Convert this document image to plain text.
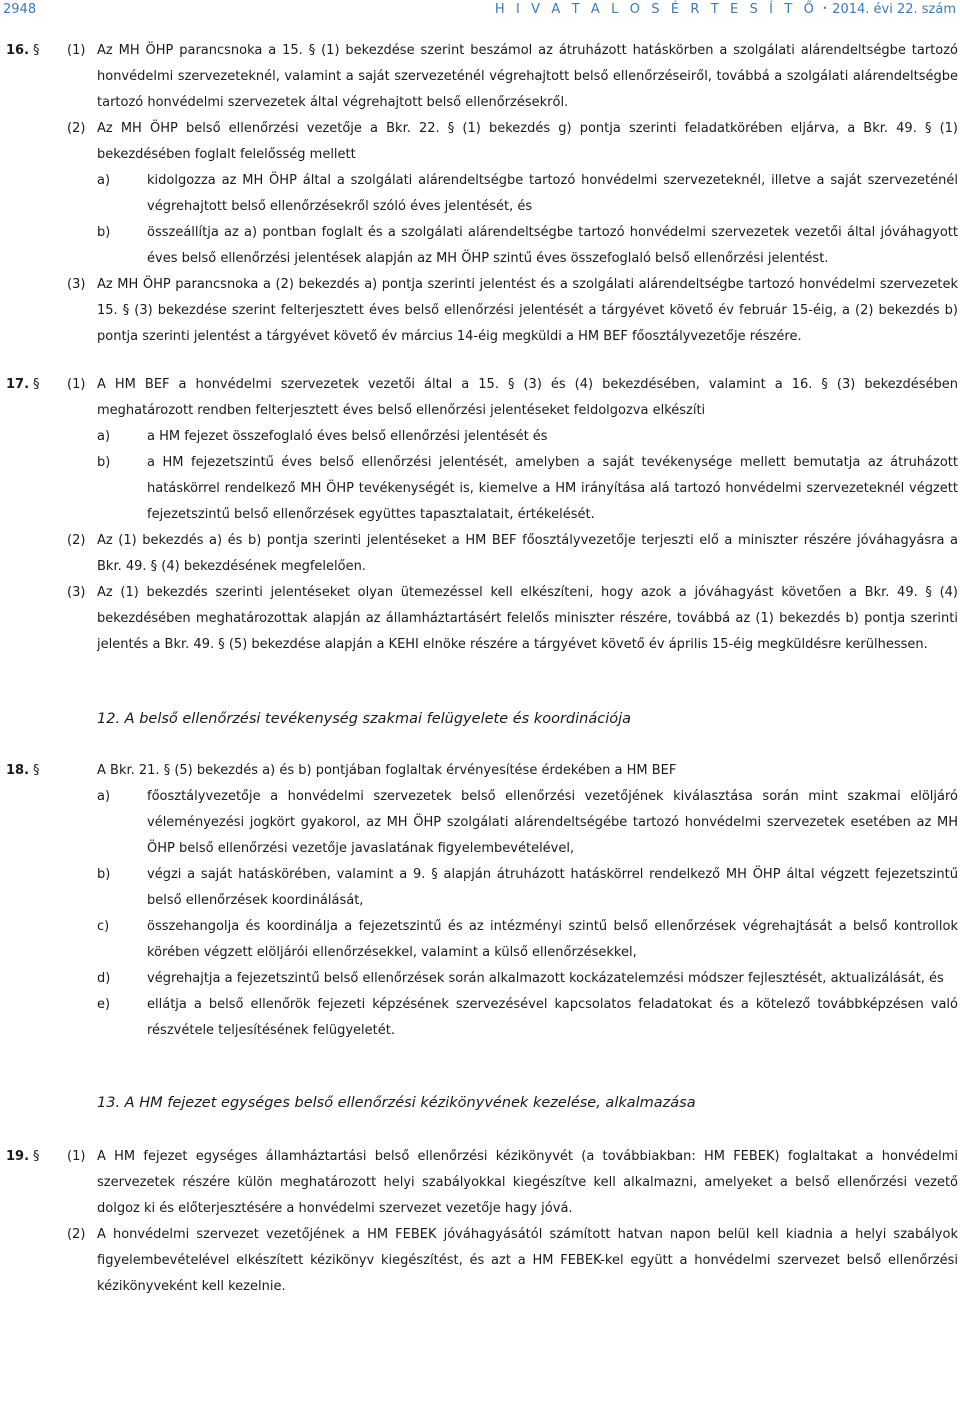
2948	H I V A T A L O S É R T E S Í T Ő • 2014. évi 22. szám
16. § (1) Az MH ÖHP parancsnoka a 15. § (1) bekezdése szerint beszámol az átruházott hatáskörben a szolgálati alárendeltségbe tartozó honvédelmi szervezeteknél, valamint a saját szervezeténél végrehajtott belső ellenőrzéseiről, továbbá a szolgálati alárendeltségbe tartozó honvédelmi szervezetek által végrehajtott belső ellenőrzésekről.
(2) Az MH ÖHP belső ellenőrzési vezetője a Bkr. 22. § (1) bekezdés g) pontja szerinti feladatkörében eljárva, a Bkr. 49. § (1) bekezdésében foglalt felelősség mellett
a)	kidolgozza az MH ÖHP által a szolgálati alárendeltségbe tartozó honvédelmi szervezeteknél, illetve a saját szervezeténél végrehajtott belső ellenőrzésekről szóló éves jelentését, és
b)	összeállítja az a) pontban foglalt és a szolgálati alárendeltségbe tartozó honvédelmi szervezetek vezetői által jóváhagyott éves belső ellenőrzési jelentések alapján az MH ÖHP szintű éves összefoglaló belső ellenőrzési jelentést.
(3) Az MH ÖHP parancsnoka a (2) bekezdés a) pontja szerinti jelentést és a szolgálati alárendeltségbe tartozó honvédelmi szervezetek 15. § (3) bekezdése szerint felterjesztett éves belső ellenőrzési jelentését a tárgyévet követő év február 15-éig, a (2) bekezdés b) pontja szerinti jelentést a tárgyévet követő év március 14-éig megküldi a HM BEF főosztályvezetője részére.
17. § (1) A HM BEF a honvédelmi szervezetek vezetői által a 15. § (3) és (4) bekezdésében, valamint a 16. § (3) bekezdésében meghatározott rendben felterjesztett éves belső ellenőrzési jelentéseket feldolgozva elkészíti
a)	a HM fejezet összefoglaló éves belső ellenőrzési jelentését és
b)	a HM fejezetszintű éves belső ellenőrzési jelentését, amelyben a saját tevékenysége mellett bemutatja az átruházott hatáskörrel rendelkező MH ÖHP tevékenységét is, kiemelve a HM irányítása alá tartozó honvédelmi szervezeteknél végzett fejezetszintű belső ellenőrzések együttes tapasztalatait, értékelését.
(2) Az (1) bekezdés a) és b) pontja szerinti jelentéseket a HM BEF főosztályvezetője terjeszti elő a miniszter részére jóváhagyásra a Bkr. 49. § (4) bekezdésének megfelelően.
(3) Az (1) bekezdés szerinti jelentéseket olyan ütemezéssel kell elkészíteni, hogy azok a jóváhagyást követően a Bkr. 49. § (4) bekezdésében meghatározottak alapján az államháztartásért felelős miniszter részére, továbbá az (1) bekezdés b) pontja szerinti jelentés a Bkr. 49. § (5) bekezdése alapján a KEHI elnöke részére a tárgyévet követő év április 15-éig megküldésre kerülhessen.
12. A belső ellenőrzési tevékenység szakmai felügyelete és koordinációja
18. §	A Bkr. 21. § (5) bekezdés a) és b) pontjában foglaltak érvényesítése érdekében a HM BEF
a)	főosztályvezetője a honvédelmi szervezetek belső ellenőrzési vezetőjének kiválasztása során mint szakmai elöljáró véleményezési jogkört gyakorol, az MH ÖHP szolgálati alárendeltségébe tartozó honvédelmi szervezetek esetében az MH ÖHP belső ellenőrzési vezetője javaslatának figyelembevételével,
b)	végzi a saját hatáskörében, valamint a 9. § alapján átruházott hatáskörrel rendelkező MH ÖHP által végzett fejezetszintű belső ellenőrzések koordinálását,
c)	összehangolja és koordinálja a fejezetszintű és az intézményi szintű belső ellenőrzések végrehajtását a belső kontrollok körében végzett elöljárói ellenőrzésekkel, valamint a külső ellenőrzésekkel,
d)	végrehajtja a fejezetszintű belső ellenőrzések során alkalmazott kockázatelemzési módszer fejlesztését, aktualizálását, és
e)	ellátja a belső ellenőrök fejezeti képzésének szervezésével kapcsolatos feladatokat és a kötelező továbbképzésen való részvétele teljesítésének felügyeletét.
13. A HM fejezet egységes belső ellenőrzési kézikönyvének kezelése, alkalmazása
19. § (1) A HM fejezet egységes államháztartási belső ellenőrzési kézikönyvét (a továbbiakban: HM FEBEK) foglaltakat a honvédelmi szervezetek részére külön meghatározott helyi szabályokkal kiegészítve kell alkalmazni, amelyeket a belső ellenőrzési vezető dolgoz ki és előterjesztésére a honvédelmi szervezet vezetője hagy jóvá.
(2) A honvédelmi szervezet vezetőjének a HM FEBEK jóváhagyásától számított hatvan napon belül kell kiadnia a helyi szabályok figyelembevételével elkészített kézikönyv kiegészítést, és azt a HM FEBEK-kel együtt a honvédelmi szervezet belső ellenőrzési kézikönyveként kell kezelnie.
